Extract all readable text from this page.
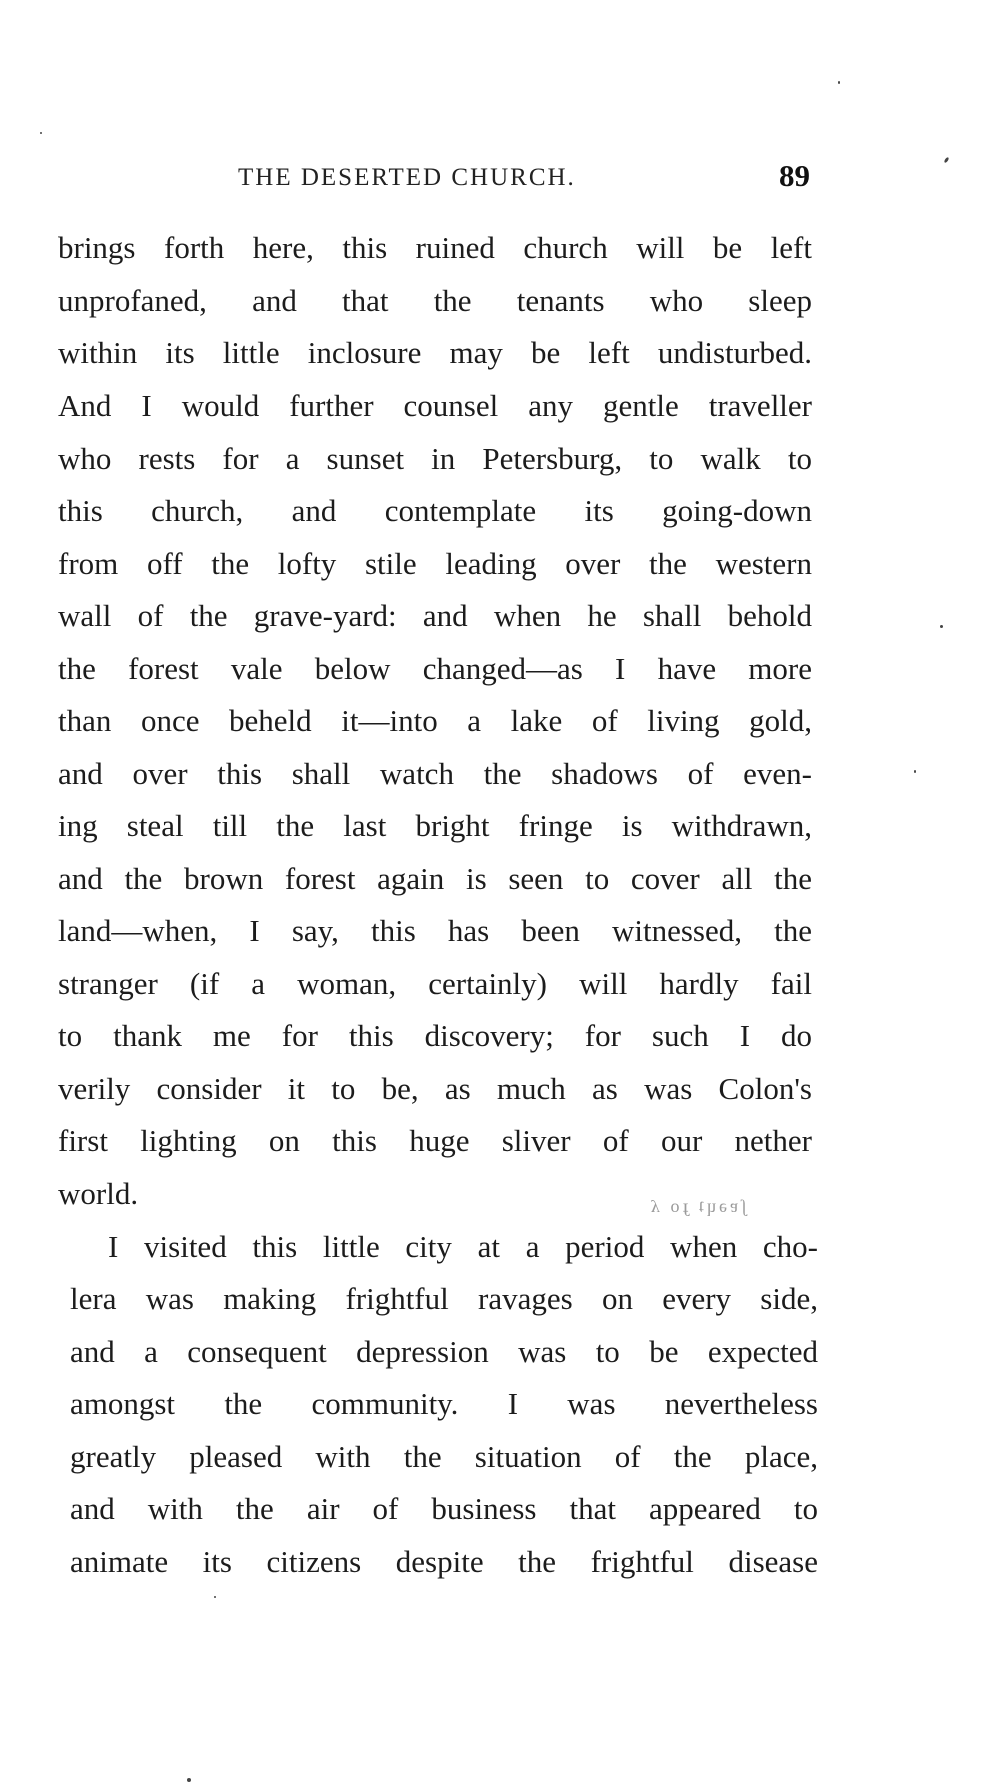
THE DESERTED CHURCH.	89
brings forth here, this ruined church will be left
unprofaned, and that the tenants who sleep
within its little inclosure may be left undisturbed.
And I would further counsel any gentle traveller
who rests for a sunset in Petersburg, to walk to
this church, and contemplate its going-down
from off the lofty stile leading over the western
wall of the grave-yard: and when he shall behold
the forest vale below changed—as I have more
than once beheld it—into a lake of living gold,
and over this shall watch the shadows of even-
ing steal till the last bright fringe is withdrawn,
and the brown forest again is seen to cover all the
land—when, I say, this has been witnessed, the
stranger (if a woman, certainly) will hardly fail
to thank me for this discovery; for such I do
verily consider it to be, as much as was Colon's
first lighting on this huge sliver of our nether
world.	ʃɐǝɥʇ ɟo ʎ
I visited this little city at a period when cho-
lera was making frightful ravages on every side,
and a consequent depression was to be expected
amongst the community. I was nevertheless
greatly pleased with the situation of the place,
and with the air of business that appeared to
animate its citizens despite the frightful disease
